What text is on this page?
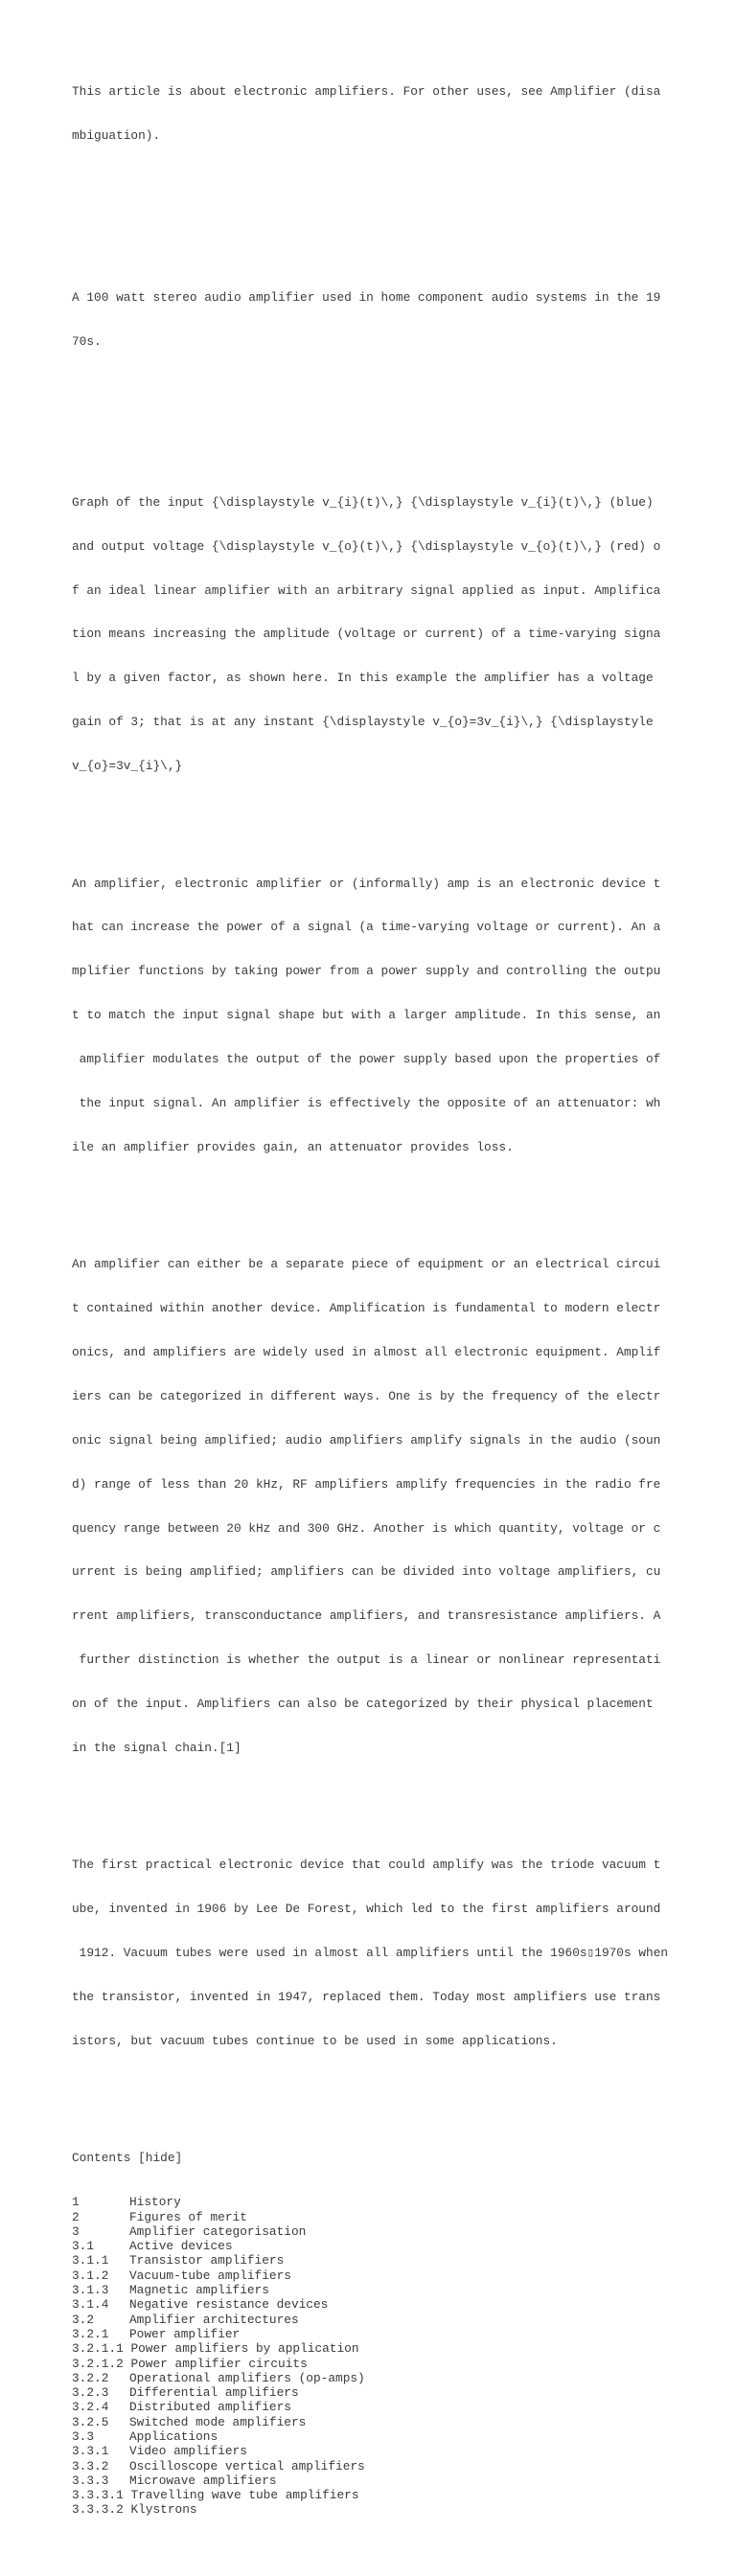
This article is about electronic amplifiers. For other uses, see Amplifier (disa

mbiguation).

A 100 watt stereo audio amplifier used in home component audio systems in the 19

70s.

Graph of the input {\displaystyle v_{i}(t)\,} {\displaystyle v_{i}(t)\,} (blue)

and output voltage {\displaystyle v_{o}(t)\,} {\displaystyle v_{o}(t)\,} (red) o

f an ideal linear amplifier with an arbitrary signal applied as input. Amplifica

tion means increasing the amplitude (voltage or current) of a time-varying signa

l by a given factor, as shown here. In this example the amplifier has a voltage

gain of 3; that is at any instant {\displaystyle v_{o}=3v_{i}\,} {\displaystyle

v_{o}=3v_{i}\,}

An amplifier, electronic amplifier or (informally) amp is an electronic device t

hat can increase the power of a signal (a time-varying voltage or current). An a

mplifier functions by taking power from a power supply and controlling the outpu

t to match the input signal shape but with a larger amplitude. In this sense, an

amplifier modulates the output of the power supply based upon the properties of

the input signal. An amplifier is effectively the opposite of an attenuator: wh

ile an amplifier provides gain, an attenuator provides loss.

An amplifier can either be a separate piece of equipment or an electrical circui

t contained within another device. Amplification is fundamental to modern electr

onics, and amplifiers are widely used in almost all electronic equipment. Amplif

iers can be categorized in different ways. One is by the frequency of the electr

onic signal being amplified; audio amplifiers amplify signals in the audio (soun

d) range of less than 20 kHz, RF amplifiers amplify frequencies in the radio fre

quency range between 20 kHz and 300 GHz. Another is which quantity, voltage or c

urrent is being amplified; amplifiers can be divided into voltage amplifiers, cu

rrent amplifiers, transconductance amplifiers, and transresistance amplifiers. A

further distinction is whether the output is a linear or nonlinear representati

on of the input. Amplifiers can also be categorized by their physical placement

in the signal chain.[1]

The first practical electronic device that could amplify was the triode vacuum t

ube, invented in 1906 by Lee De Forest, which led to the first amplifiers around

1912. Vacuum tubes were used in almost all amplifiers until the 1960s▯1970s when

the transistor, invented in 1947, replaced them. Today most amplifiers use trans

istors, but vacuum tubes continue to be used in some applications.

Contents [hide]

1	History
2	Figures of merit
3	Amplifier categorisation
3.1	Active devices
3.1.1 Transistor amplifiers
3.1.2 Vacuum-tube amplifiers
3.1.3 Magnetic amplifiers
3.1.4 Negative resistance devices
3.2	Amplifier architectures
3.2.1 Power amplifier
3.2.1.1 Power amplifiers by application
3.2.1.2 Power amplifier circuits
3.2.2 Operational amplifiers (op-amps)
3.2.3 Differential amplifiers
3.2.4 Distributed amplifiers
3.2.5 Switched mode amplifiers
3.3	Applications
3.3.1 Video amplifiers
3.3.2 Oscilloscope vertical amplifiers
3.3.3 Microwave amplifiers
3.3.3.1 Travelling wave tube amplifiers
3.3.3.2 Klystrons
